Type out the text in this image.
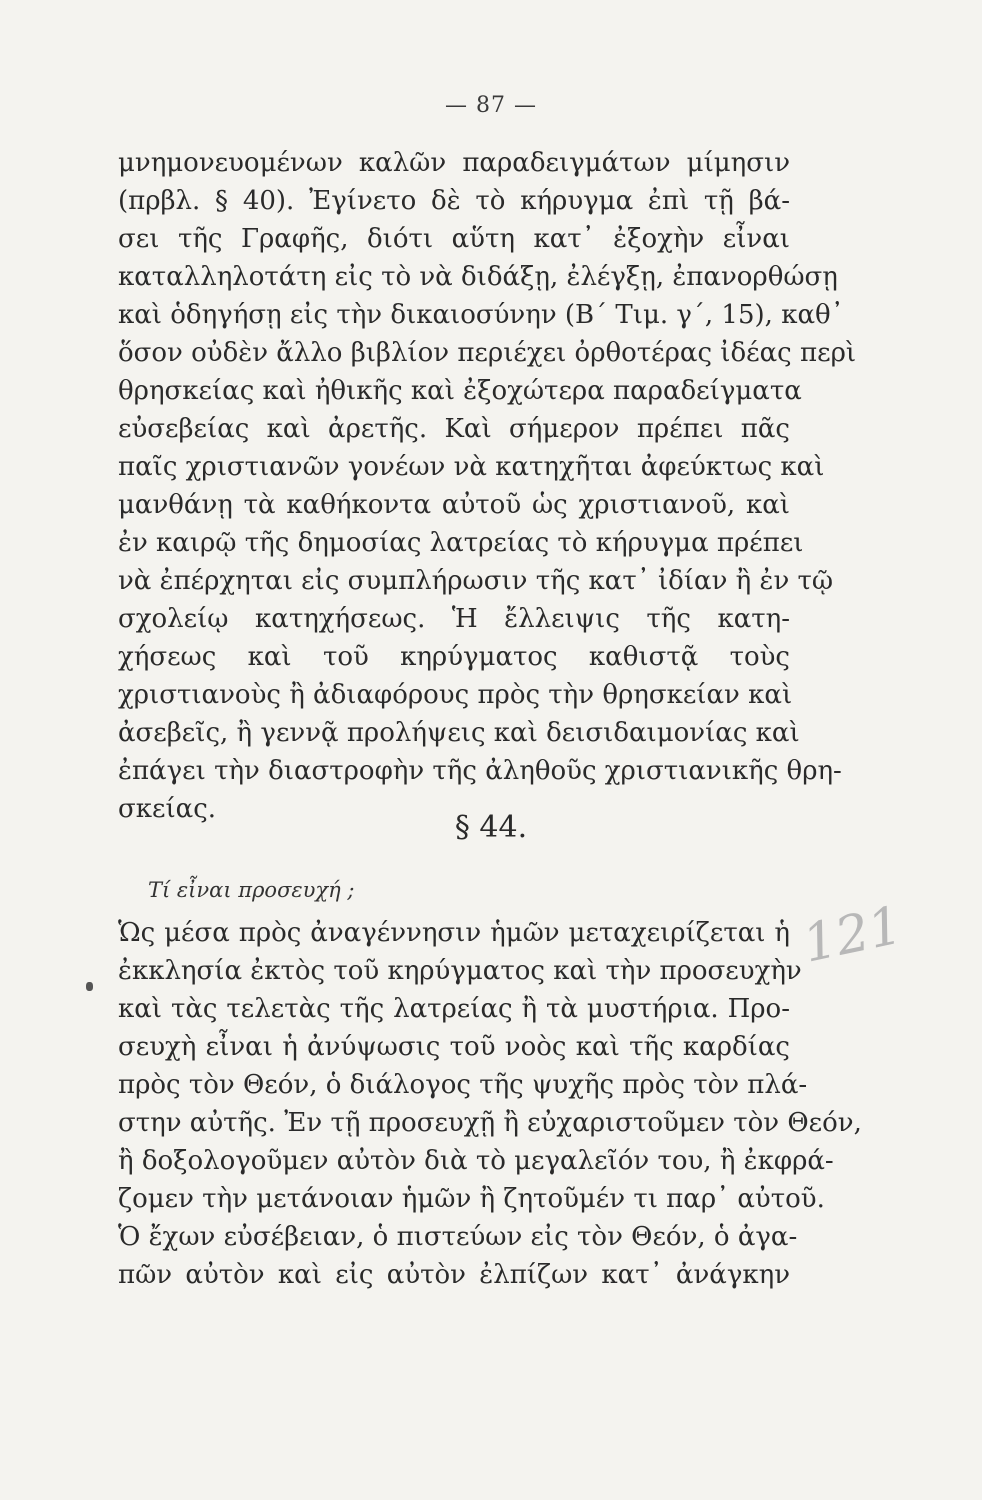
— 87 —
μνημονευομένων καλῶν παραδειγμάτων μίμησιν
(πρβλ. § 40). Ἐγίνετο δὲ τὸ κήρυγμα ἐπὶ τῇ βά-
σει τῆς Γραφῆς, διότι αὕτη κατ᾽ ἐξοχὴν εἶναι
καταλληλοτάτη εἰς τὸ νὰ διδάξῃ, ἐλέγξῃ, ἐπανορθώσῃ
καὶ ὁδηγήσῃ εἰς τὴν δικαιοσύνην (Β΄ Τιμ. γ΄, 15), καθ᾽
ὅσον οὐδὲν ἄλλο βιβλίον περιέχει ὀρθοτέρας ἰδέας περὶ
θρησκείας καὶ ἠθικῆς καὶ ἐξοχώτερα παραδείγματα
εὐσεβείας καὶ ἀρετῆς. Καὶ σήμερον πρέπει πᾶς
παῖς χριστιανῶν γονέων νὰ κατηχῆται ἀφεύκτως καὶ
μανθάνῃ τὰ καθήκοντα αὐτοῦ ὡς χριστιανοῦ, καὶ
ἐν καιρῷ τῆς δημοσίας λατρείας τὸ κήρυγμα πρέπει
νὰ ἐπέρχηται εἰς συμπλήρωσιν τῆς κατ᾽ ἰδίαν ἢ ἐν τῷ
σχολείῳ κατηχήσεως. Ἡ ἔλλειψις τῆς κατη-
χήσεως καὶ τοῦ κηρύγματος καθιστᾷ τοὺς
χριστιανοὺς ἢ ἀδιαφόρους πρὸς τὴν θρησκείαν καὶ
ἀσεβεῖς, ἢ γεννᾷ προλήψεις καὶ δεισιδαιμονίας καὶ
ἐπάγει τὴν διαστροφὴν τῆς ἀληθοῦς χριστιανικῆς θρη-
σκείας.
§ 44.
Τί εἶναι προσευχή ;
121
Ὡς μέσα πρὸς ἀναγέννησιν ἡμῶν μεταχειρίζεται ἡ
ἐκκλησία ἐκτὸς τοῦ κηρύγματος καὶ τὴν προσευχὴν
καὶ τὰς τελετὰς τῆς λατρείας ἢ τὰ μυστήρια. Προ-
σευχὴ εἶναι ἡ ἀνύψωσις τοῦ νοὸς καὶ τῆς καρδίας
πρὸς τὸν Θεόν, ὁ διάλογος τῆς ψυχῆς πρὸς τὸν πλά-
στην αὐτῆς. Ἐν τῇ προσευχῇ ἢ εὐχαριστοῦμεν τὸν Θεόν,
ἢ δοξολογοῦμεν αὐτὸν διὰ τὸ μεγαλεῖόν του, ἢ ἐκφρά-
ζομεν τὴν μετάνοιαν ἡμῶν ἢ ζητοῦμέν τι παρ᾽ αὐτοῦ.
Ὁ ἔχων εὐσέβειαν, ὁ πιστεύων εἰς τὸν Θεόν, ὁ ἀγα-
πῶν αὐτὸν καὶ εἰς αὐτὸν ἐλπίζων κατ᾽ ἀνάγκην
